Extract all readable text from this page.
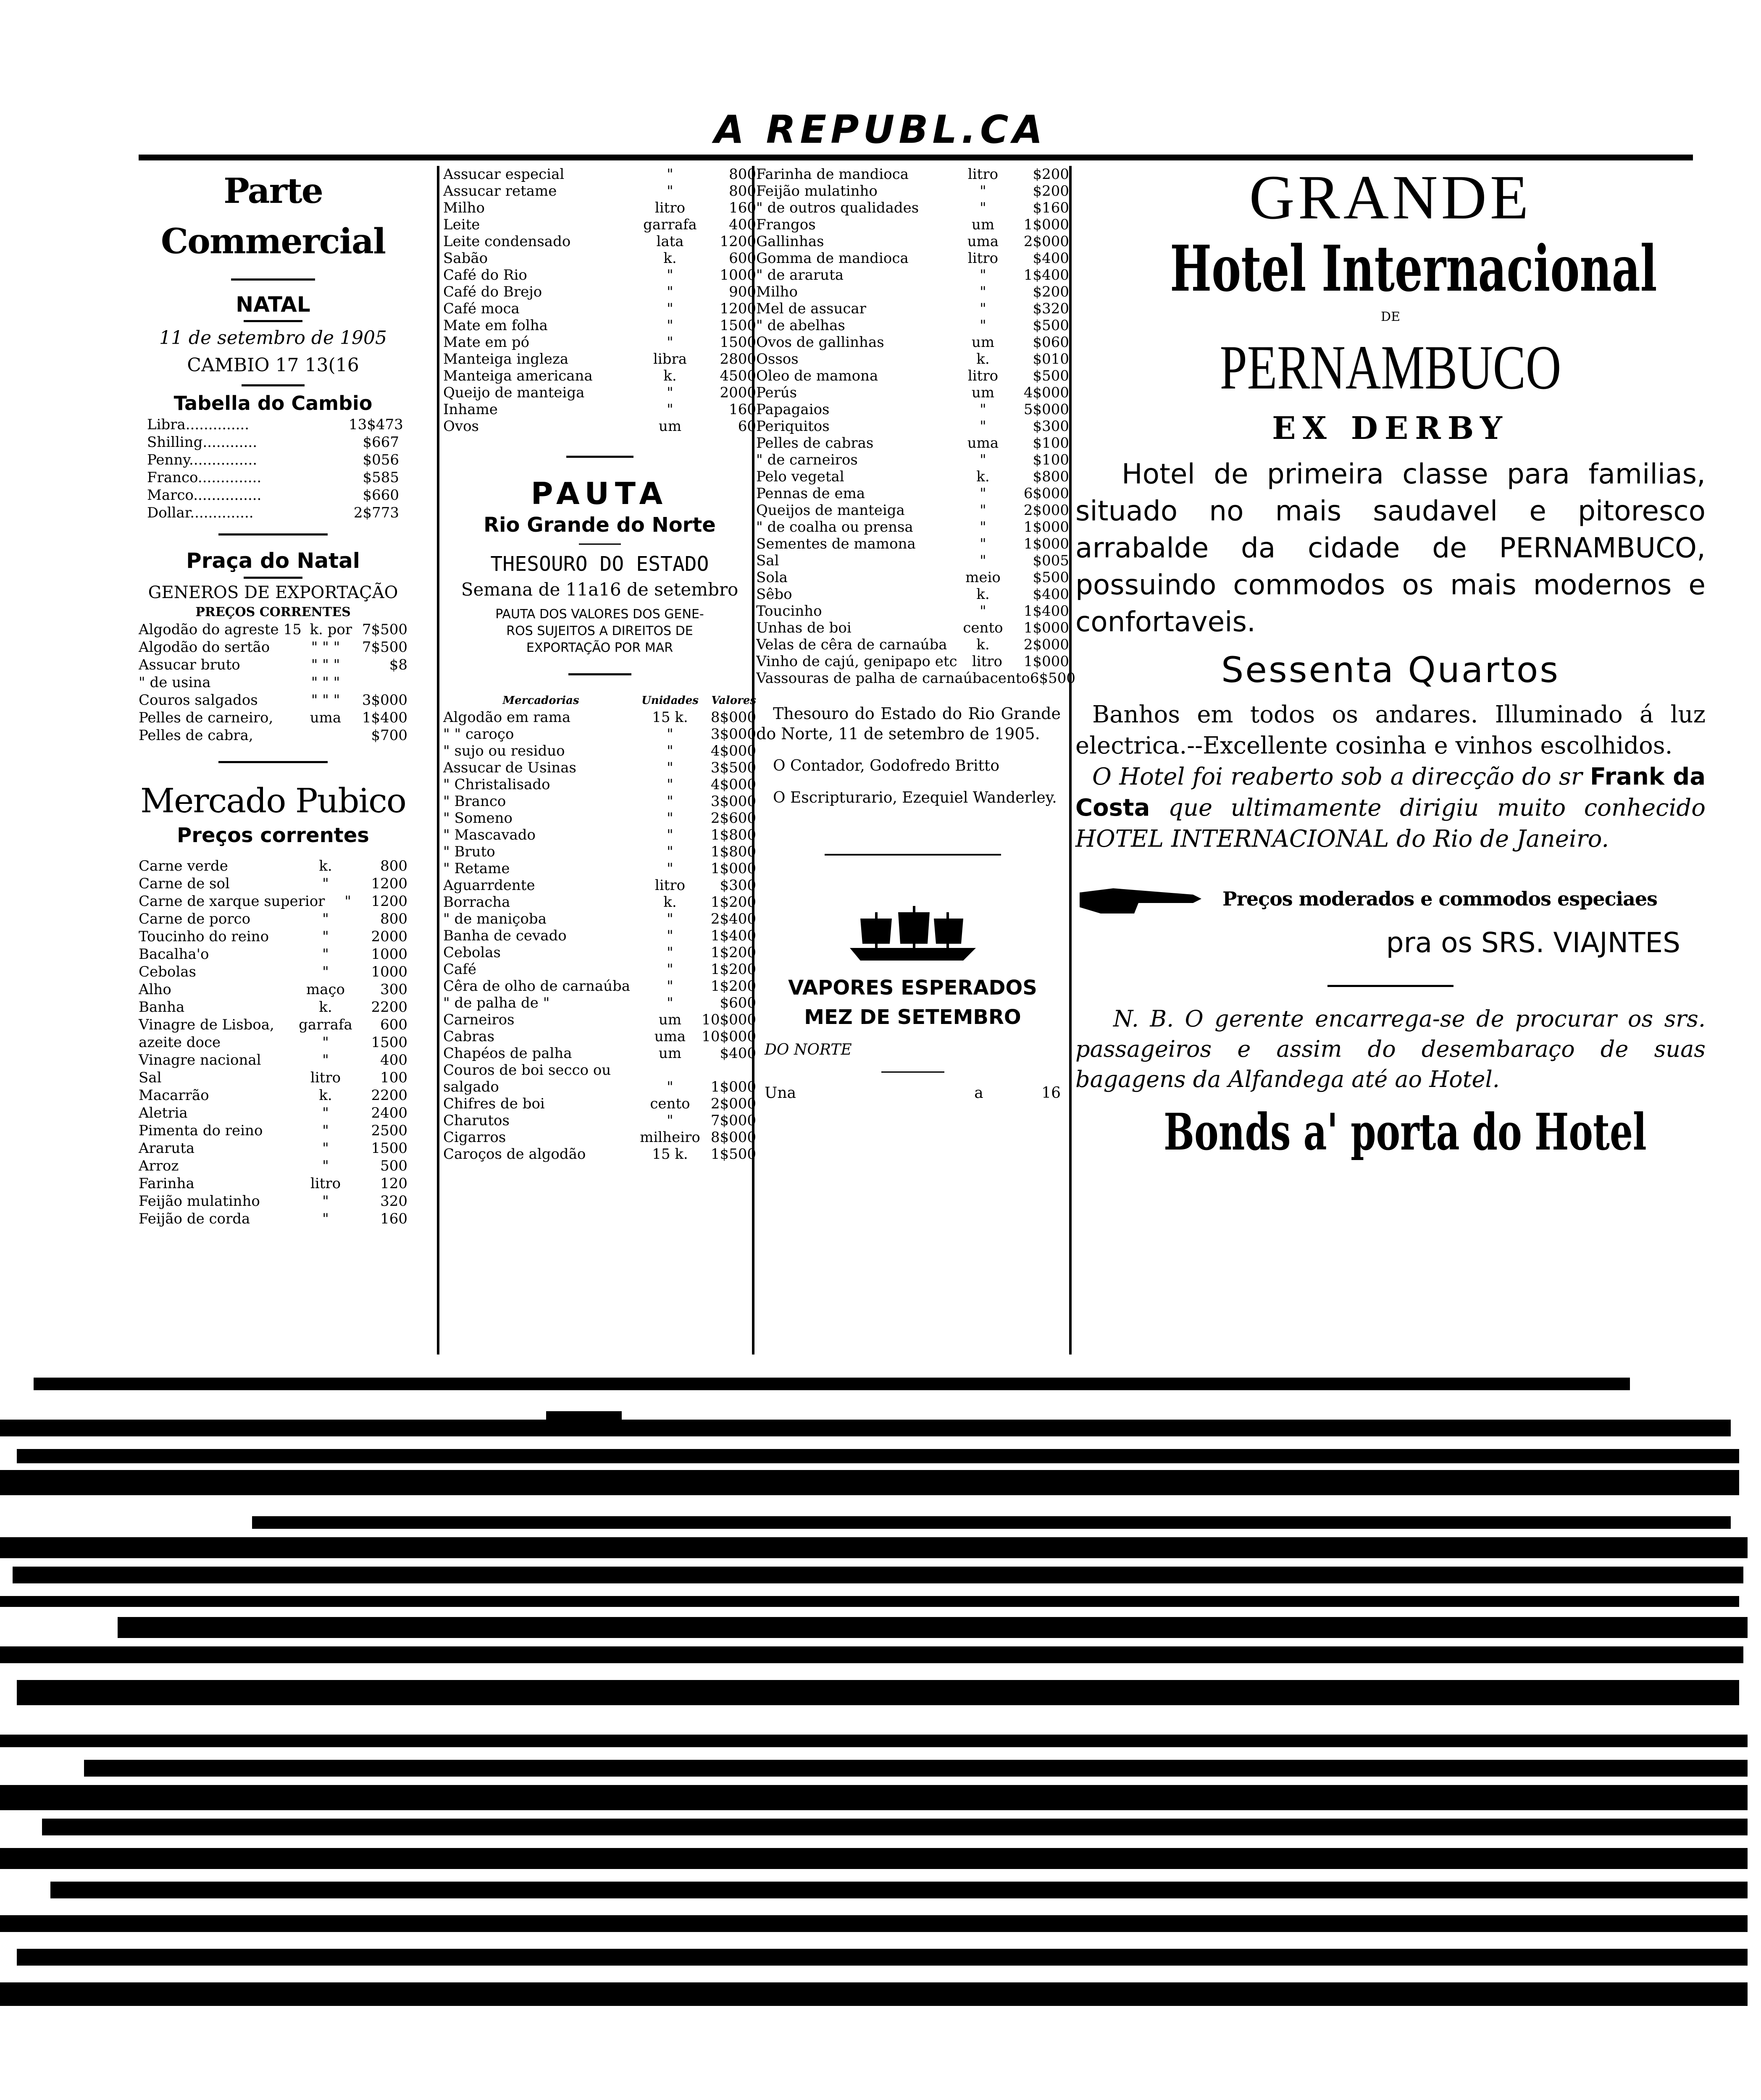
A REPUBL.CA
Parte Commercial
NATAL
11 de setembro de 1905
CAMBIO 17 13(16
Tabella do Cambio
Libra..............	13$473
Shilling............	$667
Penny...............	$056
Franco..............	$585
Marco...............	$660
Dollar..............	2$773
Praça do Natal
GENEROS DE EXPORTAÇÃO
PREÇOS CORRENTES
Algodão do agreste 15 k. por 7$500
Algodão do sertão	" " "	7$500
Assucar bruto	" " "	$8
" de usina	" " "
Couros salgados	" " "	3$000
Pelles de carneiro,	uma	1$400
Pelles de cabra,	$700
Mercado Pubico
Preços correntes
Carne verde	k.	800
Carne de sol	"	1200
Carne de xarque superior	"	1200
Carne de porco	"	800
Toucinho do reino	"	2000
Bacalha'o	"	1000
Cebolas	"	1000
Alho	maço	300
Banha	k.	2200
Vinagre de Lisboa,	garrafa	600
azeite doce	"	1500
Vinagre nacional	"	400
Sal	litro	100
Macarrão	k.	2200
Aletria	"	2400
Pimenta do reino	"	2500
Araruta	"	1500
Arroz	"	500
Farinha	litro	120
Feijão mulatinho	"	320
Feijão de corda	"	160
Assucar especial	"	800
Assucar retame	"	800
Milho	litro	160
Leite	garrafa	400
Leite condensado	lata	1200
Sabão	k.	600
Café do Rio	"	1000
Café do Brejo	"	900
Café moca	"	1200
Mate em folha	"	1500
Mate em pó	"	1500
Manteiga ingleza	libra	2800
Manteiga americana	k.	4500
Queijo de manteiga	"	2000
Inhame	"	160
Ovos	um	60
PAUTA
Rio Grande do Norte
THESOURO DO ESTADO
Semana de 11a16 de setembro
PAUTA DOS VALORES DOS GENE-
ROS SUJEITOS A DIREITOS DE
EXPORTAÇÃO POR MAR
Mercadorias	Unidades	Valores
Algodão em rama	15 k.	8$000
" " caroço	"	3$000
" sujo ou residuo	"	4$000
Assucar de Usinas	"	3$500
" Christalisado	"	4$000
" Branco	"	3$000
" Someno	"	2$600
" Mascavado	"	1$800
" Bruto	"	1$800
" Retame	"	1$000
Aguarrdente	litro	$300
Borracha	k.	1$200
" de maniçoba	"	2$400
Banha de cevado	"	1$400
Cebolas	"	1$200
Café	"	1$200
Cêra de olho de carnaúba	"	1$200
" de palha de "	"	$600
Carneiros	um	10$000
Cabras	uma	10$000
Chapéos de palha	um	$400
Couros de boi secco ou
salgado	"	1$000
Chifres de boi	cento	2$000
Charutos	"	7$000
Cigarros	milheiro 8$000
Caroços de algodão	15 k.	1$500
Farinha de mandioca	litro	$200
Feijão mulatinho	"	$200
" de outros qualidades	"	$160
Frangos	um	1$000
Gallinhas	uma	2$000
Gomma de mandioca	litro	$400
" de araruta	"	1$400
Milho	"	$200
Mel de assucar	"	$320
" de abelhas	"	$500
Ovos de gallinhas	um	$060
Ossos	k.	$010
Oleo de mamona	litro	$500
Perús	um	4$000
Papagaios	"	5$000
Periquitos	"	$300
Pelles de cabras	uma	$100
" de carneiros	"	$100
Pelo vegetal	k.	$800
Pennas de ema	"	6$000
Queijos de manteiga	"	2$000
" de coalha ou prensa	"	1$000
Sementes de mamona	"	1$000
Sal	"	$005
Sola	meio	$500
Sêbo	k.	$400
Toucinho	"	1$400
Unhas de boi	cento	1$000
Velas de cêra de carnaúba	k.	2$000
Vinho de cajú, genipapo etc	litro	1$000
Vassouras de palha de carnaúba cento 6$500
Thesouro do Estado do Rio Grande do Norte, 11 de setembro de 1905.
O Contador, Godofredo Britto
O Escripturario, Ezequiel Wanderley.
VAPORES ESPERADOS
MEZ DE SETEMBRO
DO NORTE
Una	a	16
GRANDE
Hotel Internacional
DE
PERNAMBUCO
EX DERBY
Hotel de primeira classe para familias, situado no mais saudavel e pitoresco arrabalde da cidade de PERNAMBUCO, possuindo commodos os mais modernos e confortaveis.
Sessenta Quartos
Banhos em todos os andares. Illuminado á luz electrica.--Excellente cosinha e vinhos escolhidos.
O Hotel foi reaberto sob a direcção do sr Frank da Costa que ultimamente dirigiu muito conhecido HOTEL INTERNACIONAL do Rio de Janeiro.
Preços moderados e commodos especiaes
pra os SRS. VIAJNTES
N. B. O gerente encarrega-se de procurar os srs. passageiros e assim do desembaraço de suas bagagens da Alfandega até ao Hotel.
Bonds a' porta do Hotel
